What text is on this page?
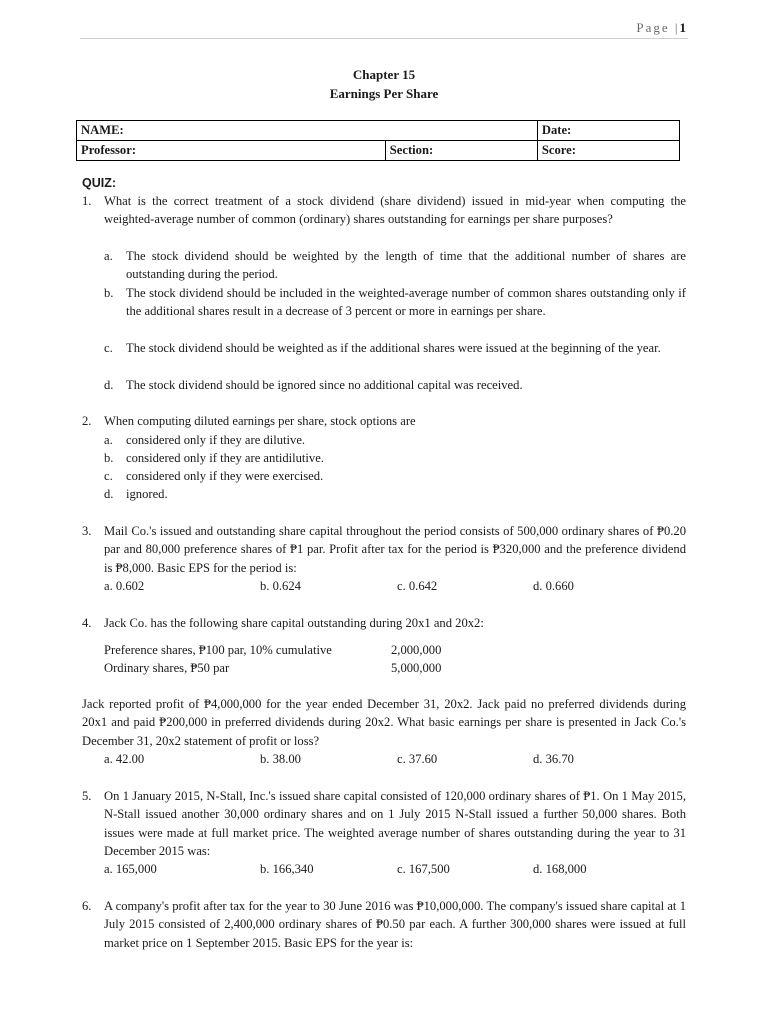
Page |1
Chapter 15
Earnings Per Share
NAME:		Date:
Professor:	Section:	Score:
QUIZ:
1. What is the correct treatment of a stock dividend (share dividend) issued in mid-year when computing the weighted-average number of common (ordinary) shares outstanding for earnings per share purposes?
a. The stock dividend should be weighted by the length of time that the additional number of shares are outstanding during the period.
b. The stock dividend should be included in the weighted-average number of common shares outstanding only if the additional shares result in a decrease of 3 percent or more in earnings per share.
c. The stock dividend should be weighted as if the additional shares were issued at the beginning of the year.
d. The stock dividend should be ignored since no additional capital was received.
2. When computing diluted earnings per share, stock options are
a. considered only if they are dilutive.
b. considered only if they are antidilutive.
c. considered only if they were exercised.
d. ignored.
3. Mail Co.'s issued and outstanding share capital throughout the period consists of 500,000 ordinary shares of ₱0.20 par and 80,000 preference shares of ₱1 par. Profit after tax for the period is ₱320,000 and the preference dividend is ₱8,000. Basic EPS for the period is:
a. 0.602	b. 0.624	c. 0.642	d. 0.660
4. Jack Co. has the following share capital outstanding during 20x1 and 20x2:
Preference shares, ₱100 par, 10% cumulative	2,000,000
Ordinary shares, ₱50 par	5,000,000
Jack reported profit of ₱4,000,000 for the year ended December 31, 20x2. Jack paid no preferred dividends during 20x1 and paid ₱200,000 in preferred dividends during 20x2. What basic earnings per share is presented in Jack Co.'s December 31, 20x2 statement of profit or loss?
a. 42.00	b. 38.00	c. 37.60	d. 36.70
5. On 1 January 2015, N-Stall, Inc.'s issued share capital consisted of 120,000 ordinary shares of ₱1. On 1 May 2015, N-Stall issued another 30,000 ordinary shares and on 1 July 2015 N-Stall issued a further 50,000 shares. Both issues were made at full market price. The weighted average number of shares outstanding during the year to 31 December 2015 was:
a. 165,000	b. 166,340	c. 167,500	d. 168,000
6. A company's profit after tax for the year to 30 June 2016 was ₱10,000,000. The company's issued share capital at 1 July 2015 consisted of 2,400,000 ordinary shares of ₱0.50 par each. A further 300,000 shares were issued at full market price on 1 September 2015. Basic EPS for the year is:
